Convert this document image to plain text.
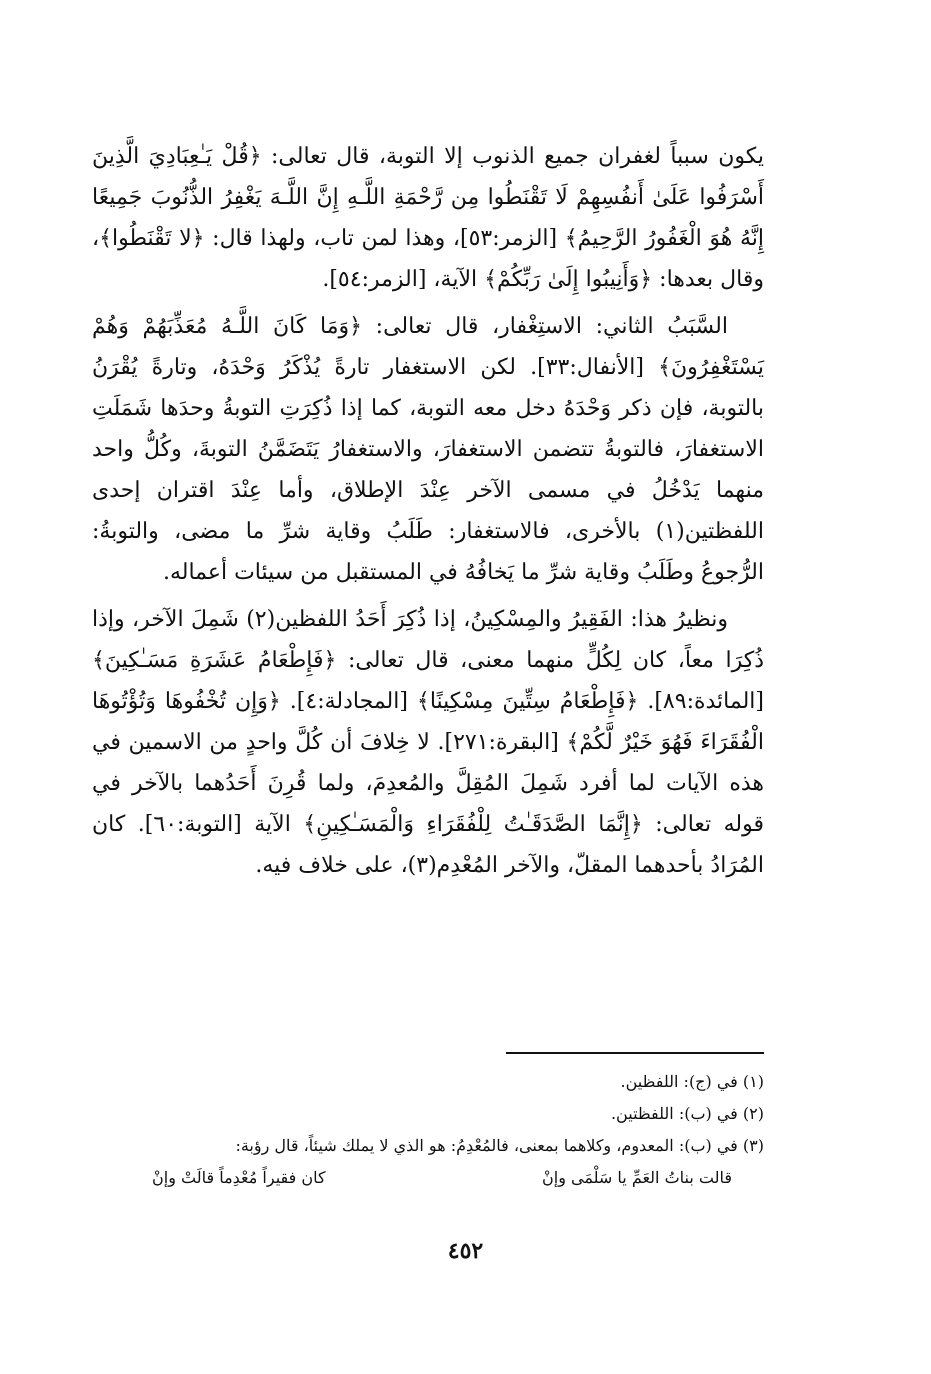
يكون سبباً لغفران جميع الذنوب إلا التوبة، قال تعالى: ﴿قُلْ يَـٰعِبَادِيَ الَّذِينَ أَسْرَفُوا عَلَىٰ أَنفُسِهِمْ لَا تَقْنَطُوا مِن رَّحْمَةِ اللَّـهِ إِنَّ اللَّـهَ يَغْفِرُ الذُّنُوبَ جَمِيعًا إِنَّهُ هُوَ الْغَفُورُ الرَّحِيمُ﴾ [الزمر:٥٣]، وهذا لمن تاب، ولهذا قال: ﴿لا تَقْنَطُوا﴾، وقال بعدها: ﴿وَأَنِيبُوا إِلَىٰ رَبِّكُمْ﴾ الآية، [الزمر:٥٤].

السَّبَبُ الثاني: الاستِغْفار، قال تعالى: ﴿وَمَا كَانَ اللَّـهُ مُعَذِّبَهُمْ وَهُمْ يَسْتَغْفِرُونَ﴾ [الأنفال:٣٣]. لكن الاستغفار تارةً يُذْكَرُ وَحْدَهُ، وتارةً يُقْرَنُ بالتوبة، فإن ذكر وَحْدَهُ دخل معه التوبة، كما إذا ذُكِرَتِ التوبةُ وحدَها شَمَلَتِ الاستغفارَ، فالتوبةُ تتضمن الاستغفارَ، والاستغفارُ يَتَضَمَّنُ التوبةَ، وكُلُّ واحد منهما يَدْخُلُ في مسمى الآخر عِنْدَ الإطلاق، وأما عِنْدَ اقتران إحدى اللفظتين(١) بالأخرى، فالاستغفار: طَلَبُ وقاية شرِّ ما مضى، والتوبةُ: الرُّجوعُ وطَلَبُ وقاية شرِّ ما يَخافُهُ في المستقبل من سيئات أعماله.

ونظيرُ هذا: الفَقِيرُ والمِسْكِينُ، إذا ذُكِرَ أَحَدُ اللفظين(٢) شَمِلَ الآخر، وإذا ذُكِرَا معاً، كان لِكُلٍّ منهما معنى، قال تعالى: ﴿فَإِطْعَامُ عَشَرَةِ مَسَـٰكِينَ﴾ [المائدة:٨٩]. ﴿فَإِطْعَامُ سِتِّينَ مِسْكِينًا﴾ [المجادلة:٤]. ﴿وَإِن تُخْفُوهَا وَتُؤْتُوهَا الْفُقَرَاءَ فَهُوَ خَيْرٌ لَّكُمْ﴾ [البقرة:٢٧١]. لا خِلافَ أن كُلَّ واحدٍ من الاسمين في هذه الآيات لما أفرد شَمِلَ المُقِلَّ والمُعدِمَ، ولما قُرِنَ أَحَدُهما بالآخر في قوله تعالى: ﴿إِنَّمَا الصَّدَقَـٰتُ لِلْفُقَرَاءِ وَالْمَسَـٰكِينِ﴾ الآية [التوبة:٦٠]. كان المُرَادُ بأحدهما المقلّ، والآخر المُعْدِم(٣)، على خلاف فيه.

(١) في (ج): اللفظين.

(٢) في (ب): اللفظتين.

(٣) في (ب): المعدوم، وكلاهما بمعنى، فالمُعْدِمُ: هو الذي لا يملك شيئاً، قال رؤبة:

قالت بناتُ العَمِّ يا سَلْمَى وإنْ
كان فقيراً مُعْدِماً قالَتْ وإنْ
٤٥٢
